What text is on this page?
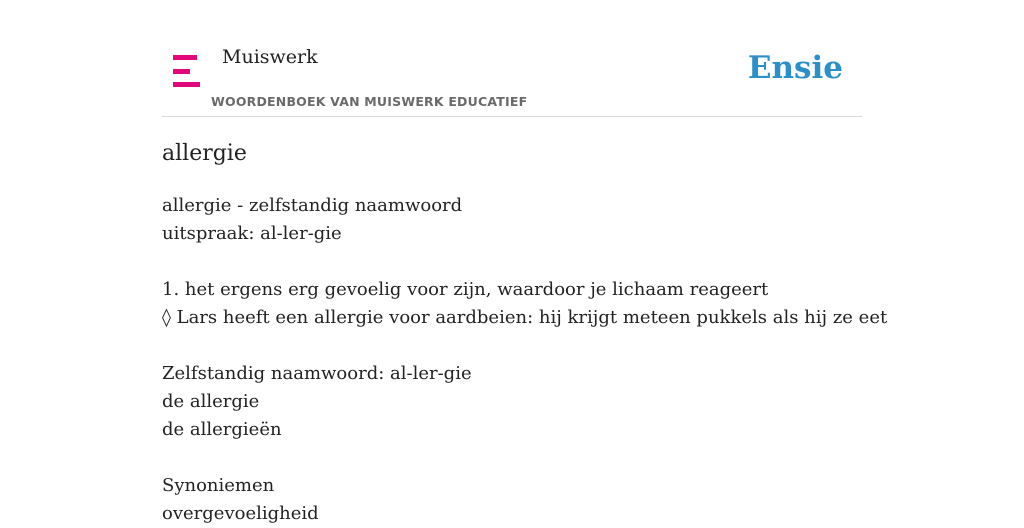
Muiswerk
WOORDENBOEK VAN MUISWERK EDUCATIEF
Ensie
allergie
allergie - zelfstandig naamwoord
uitspraak: al-ler-gie
1. het ergens erg gevoelig voor zijn, waardoor je lichaam reageert
◊ Lars heeft een allergie voor aardbeien: hij krijgt meteen pukkels als hij ze eet
Zelfstandig naamwoord: al-ler-gie
de allergie
de allergieën
Synoniemen
overgevoeligheid
